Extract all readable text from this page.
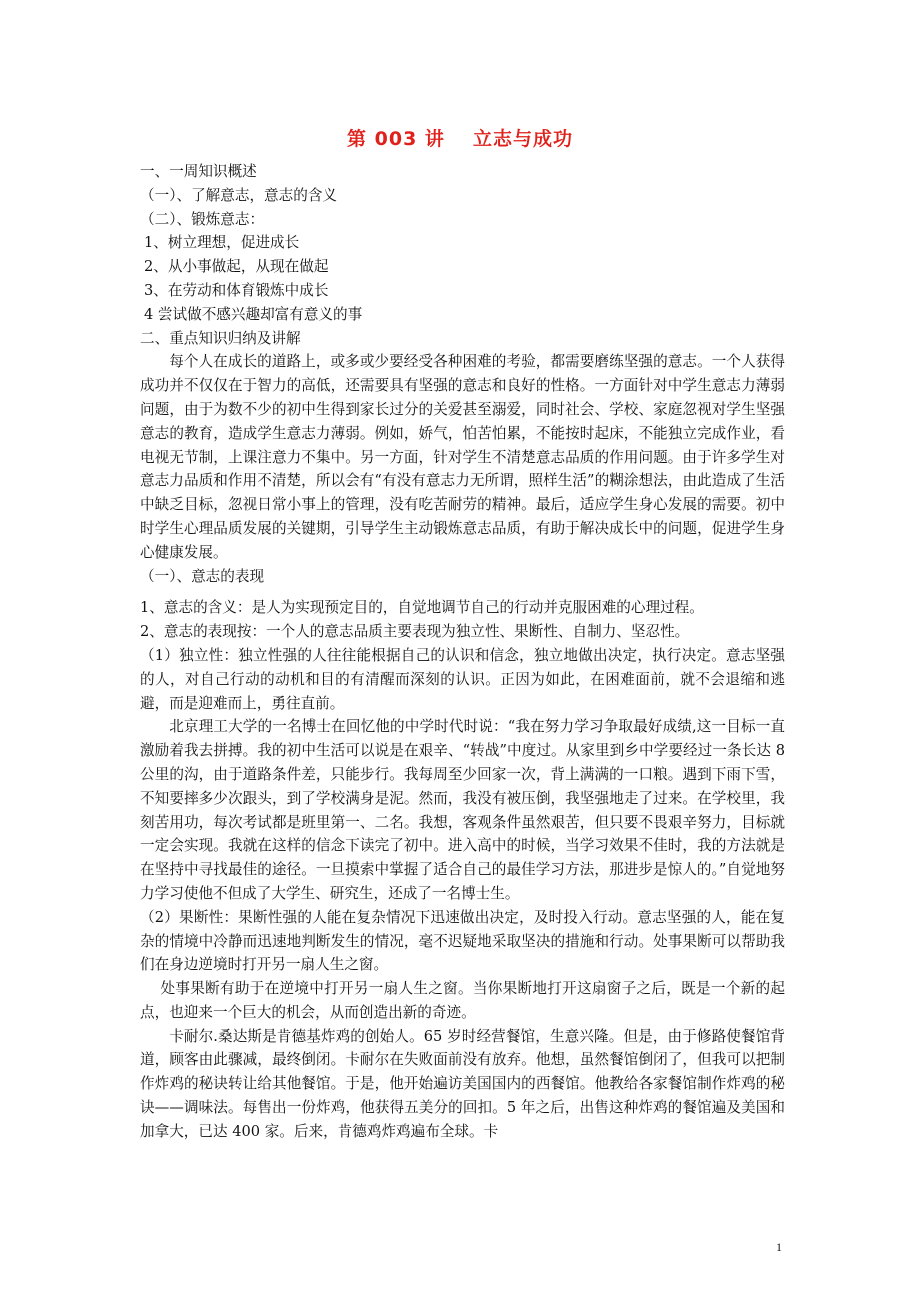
第 003 讲 立志与成功
一、一周知识概述
（一）、了解意志，意志的含义
（二）、锻炼意志：
1、树立理想，促进成长
2、从小事做起，从现在做起
3、在劳动和体育锻炼中成长
4 尝试做不感兴趣却富有意义的事
二、重点知识归纳及讲解
每个人在成长的道路上，或多或少要经受各种困难的考验，都需要磨练坚强的意志。一个人获得成功并不仅仅在于智力的高低，还需要具有坚强的意志和良好的性格。一方面针对中学生意志力薄弱问题，由于为数不少的初中生得到家长过分的关爱甚至溺爱，同时社会、学校、家庭忽视对学生坚强意志的教育，造成学生意志力薄弱。例如，娇气，怕苦怕累，不能按时起床，不能独立完成作业，看电视无节制，上课注意力不集中。另一方面，针对学生不清楚意志品质的作用问题。由于许多学生对意志力品质和作用不清楚，所以会有“有没有意志力无所谓，照样生活”的糊涂想法，由此造成了生活中缺乏目标，忽视日常小事上的管理，没有吃苦耐劳的精神。最后，适应学生身心发展的需要。初中时学生心理品质发展的关键期，引导学生主动锻炼意志品质，有助于解决成长中的问题，促进学生身心健康发展。
（一）、意志的表现
1、意志的含义：是人为实现预定目的，自觉地调节自己的行动并克服困难的心理过程。
2、意志的表现按：一个人的意志品质主要表现为独立性、果断性、自制力、坚忍性。
（1）独立性：独立性强的人往往能根据自己的认识和信念，独立地做出决定，执行决定。意志坚强的人，对自己行动的动机和目的有清醒而深刻的认识。正因为如此，在困难面前，就不会退缩和逃避，而是迎难而上，勇往直前。
北京理工大学的一名博士在回忆他的中学时代时说：“我在努力学习争取最好成绩,这一目标一直激励着我去拼搏。我的初中生活可以说是在艰辛、“转战”中度过。从家里到乡中学要经过一条长达 8 公里的沟，由于道路条件差，只能步行。我每周至少回家一次，背上满满的一口粮。遇到下雨下雪，不知要摔多少次跟头，到了学校满身是泥。然而，我没有被压倒，我坚强地走了过来。在学校里，我刻苦用功，每次考试都是班里第一、二名。我想，客观条件虽然艰苦，但只要不畏艰辛努力，目标就一定会实现。我就在这样的信念下读完了初中。进入高中的时候，当学习效果不佳时，我的方法就是在坚持中寻找最佳的途径。一旦摸索中掌握了适合自己的最佳学习方法，那进步是惊人的。”自觉地努力学习使他不但成了大学生、研究生，还成了一名博士生。
（2）果断性：果断性强的人能在复杂情况下迅速做出决定，及时投入行动。意志坚强的人，能在复杂的情境中冷静而迅速地判断发生的情况，毫不迟疑地采取坚决的措施和行动。处事果断可以帮助我们在身边逆境时打开另一扇人生之窗。
处事果断有助于在逆境中打开另一扇人生之窗。当你果断地打开这扇窗子之后，既是一个新的起点，也迎来一个巨大的机会，从而创造出新的奇迹。
卡耐尔.桑达斯是肯德基炸鸡的创始人。65 岁时经营餐馆，生意兴隆。但是，由于修路使餐馆背道，顾客由此骤减，最终倒闭。卡耐尔在失败面前没有放弃。他想，虽然餐馆倒闭了，但我可以把制作炸鸡的秘诀转让给其他餐馆。于是，他开始遍访美国国内的西餐馆。他教给各家餐馆制作炸鸡的秘诀——调味法。每售出一份炸鸡，他获得五美分的回扣。5 年之后，出售这种炸鸡的餐馆遍及美国和加拿大，已达 400 家。后来，肯德鸡炸鸡遍布全球。卡
1
